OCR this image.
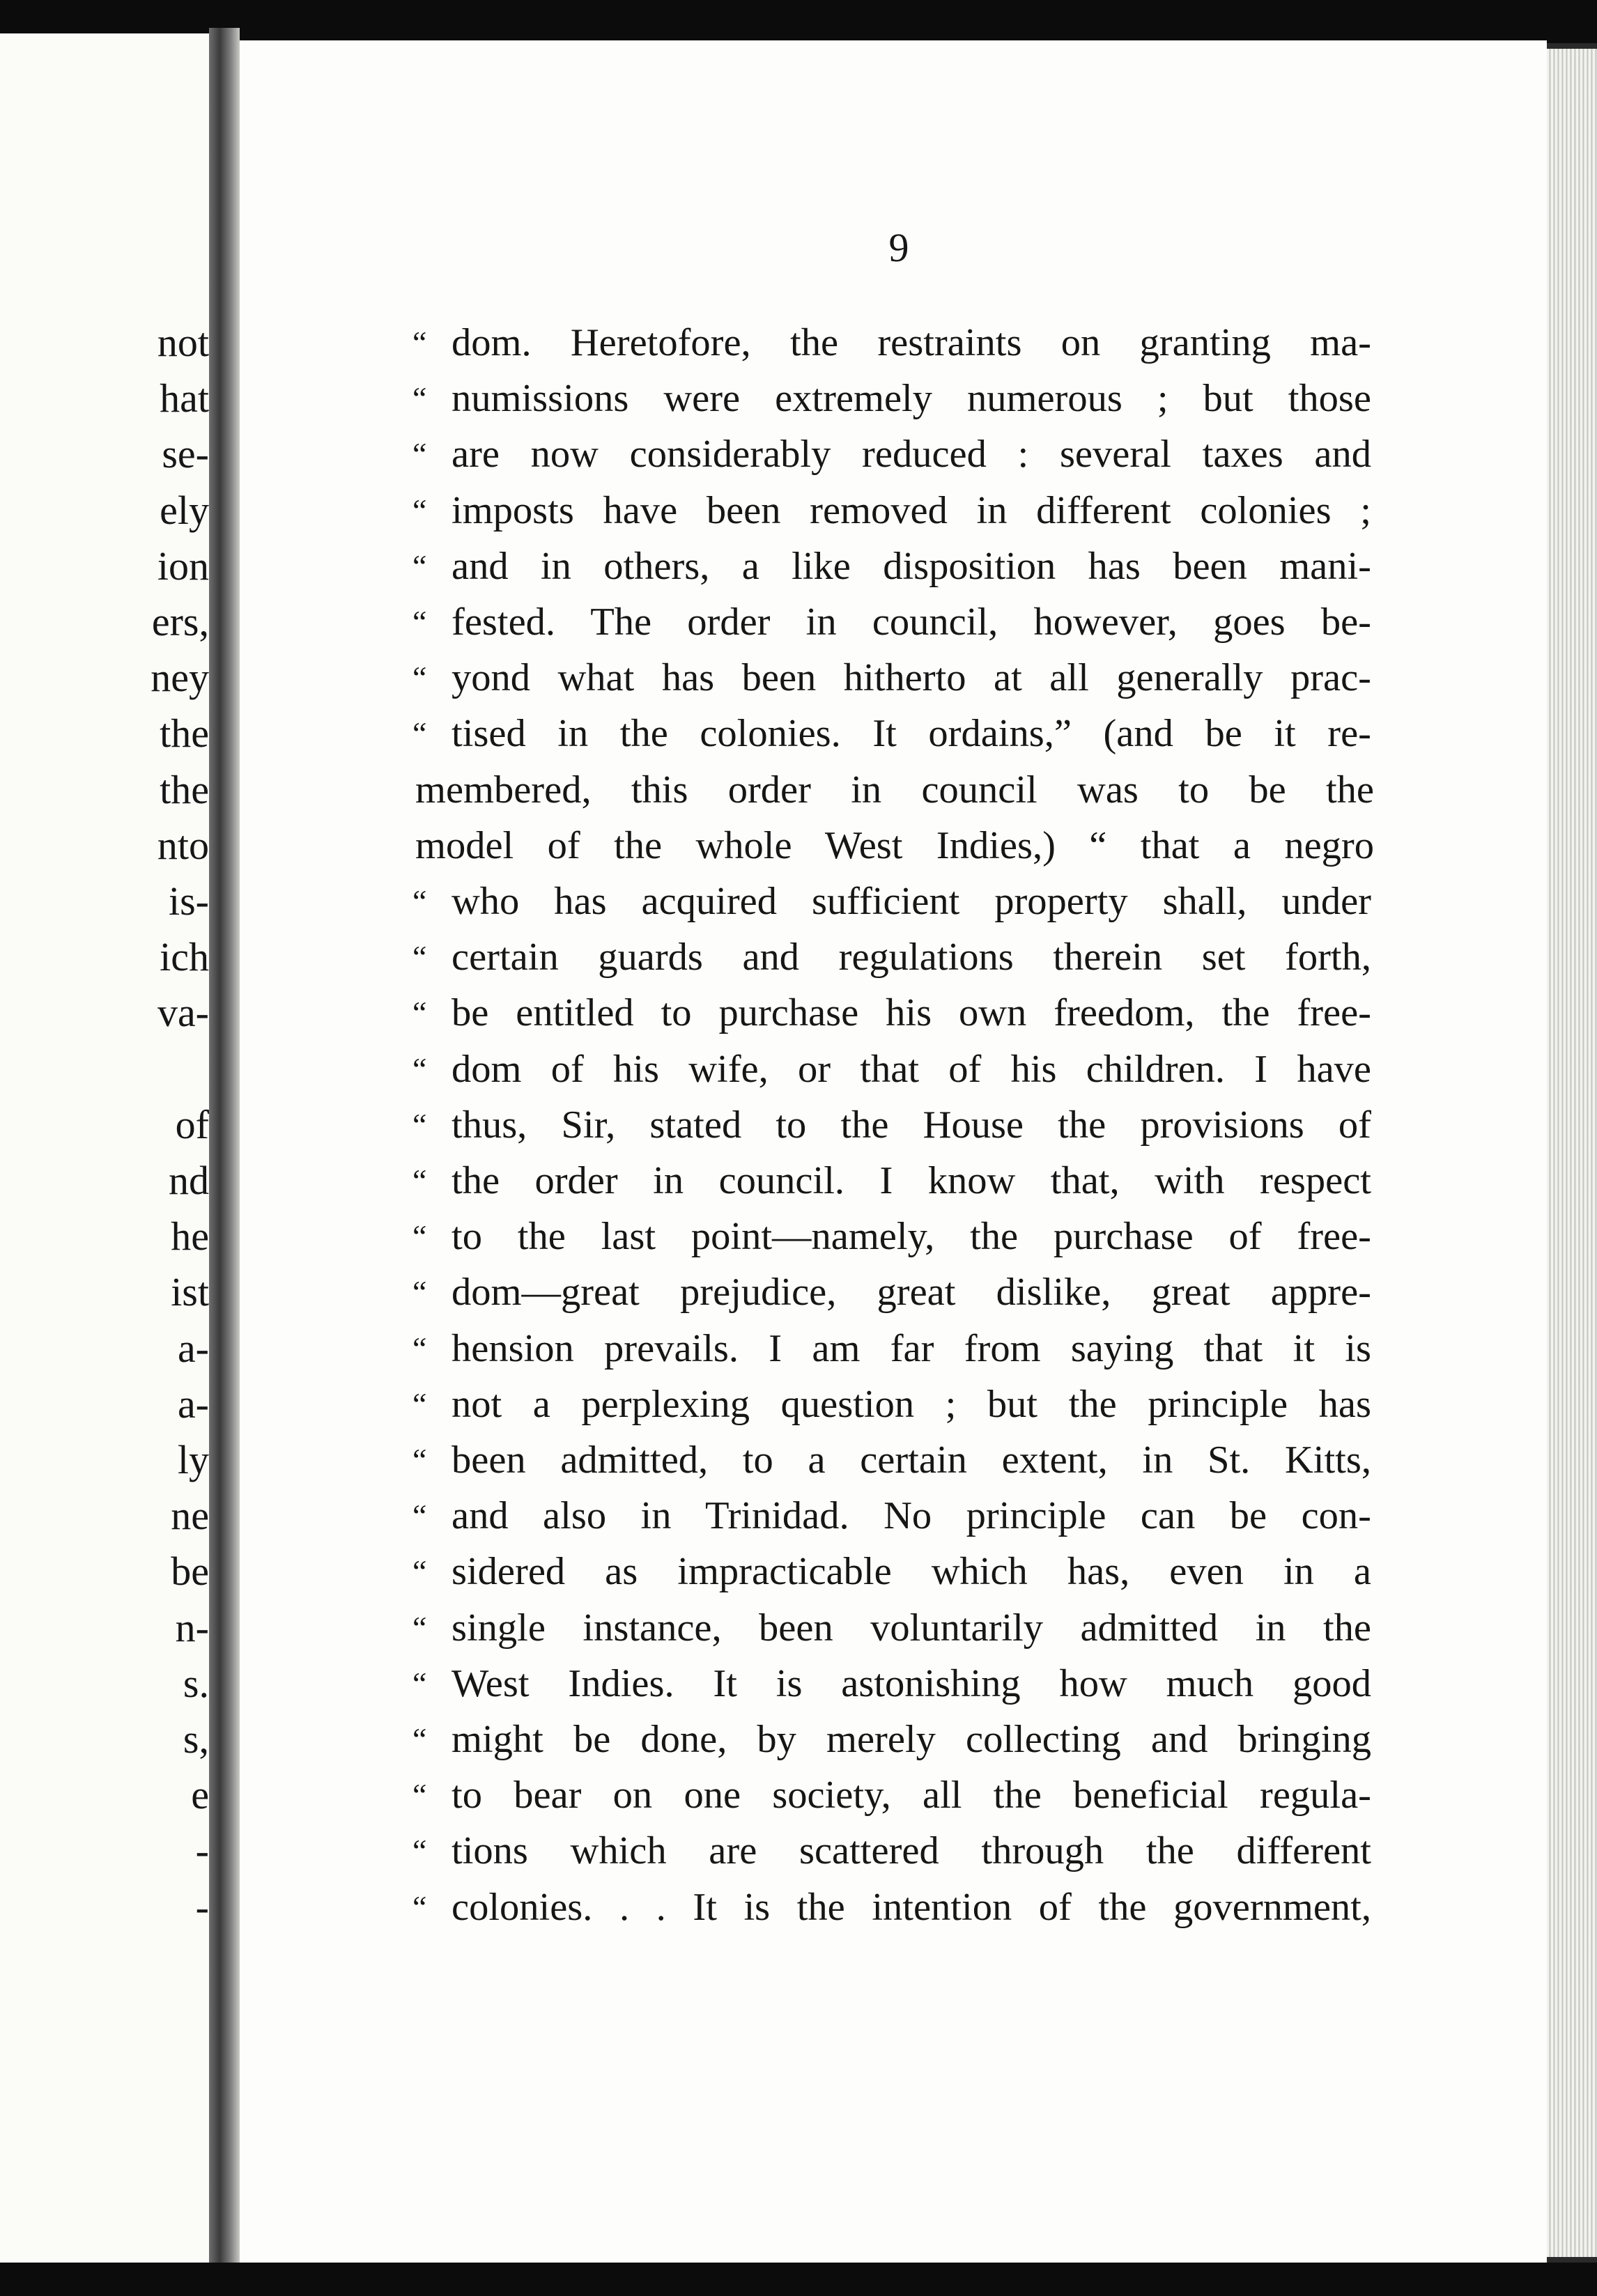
not
hat
se-
ely
ion
ers,
ney
the
the
nto
is-
ich
va-
of
nd
he
ist
a-
a-
ly
ne
be
n-
s.
s,
e
-
-
9
“ dom. Heretofore, the restraints on granting ma-
“ numissions were extremely numerous ; but those
“ are now considerably reduced : several taxes and
“ imposts have been removed in different colonies ;
“ and in others, a like disposition has been mani-
“ fested. The order in council, however, goes be-
“ yond what has been hitherto at all generally prac-
“ tised in the colonies. It ordains,” (and be it re-
membered, this order in council was to be the
model of the whole West Indies,) “ that a negro
“ who has acquired sufficient property shall, under
“ certain guards and regulations therein set forth,
“ be entitled to purchase his own freedom, the free-
“ dom of his wife, or that of his children. I have
“ thus, Sir, stated to the House the provisions of
“ the order in council. I know that, with respect
“ to the last point—namely, the purchase of free-
“ dom—great prejudice, great dislike, great appre-
“ hension prevails. I am far from saying that it is
“ not a perplexing question ; but the principle has
“ been admitted, to a certain extent, in St. Kitts,
“ and also in Trinidad. No principle can be con-
“ sidered as impracticable which has, even in a
“ single instance, been voluntarily admitted in the
“ West Indies. It is astonishing how much good
“ might be done, by merely collecting and bringing
“ to bear on one society, all the beneficial regula-
“ tions which are scattered through the different
“ colonies. . . It is the intention of the government,
